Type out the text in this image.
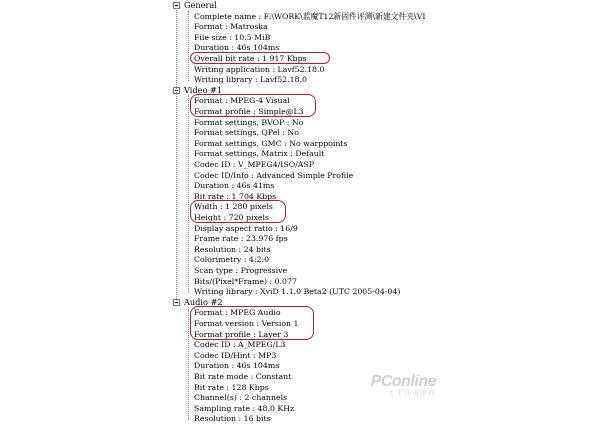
General
Complete name : F:\WORK\蓝魔T12新固件评测\新建文件夹\VI
Format : Matroska
File size : 10.5 MiB
Duration : 46s 104ms
Overall bit rate : 1 917 Kbps
Writing application : Lavf52.18.0
Writing library : Lavf52.18.0
Video #1
Format : MPEG-4 Visual
Format profile : Simple@L3
Format settings, BVOP : No
Format settings, QPel : No
Format settings, GMC : No warppoints
Format settings, Matrix : Default
Codec ID : V_MPEG4/ISO/ASP
Codec ID/Info : Advanced Simple Profile
Duration : 46s 41ms
Bit rate : 1 704 Kbps
Width : 1 280 pixels
Height : 720 pixels
Display aspect ratio : 16/9
Frame rate : 23.976 fps
Resolution : 24 bits
Colorimetry : 4:2:0
Scan type : Progressive
Bits/(Pixel*Frame) : 0.077
Writing library : XviD 1.1.0 Beta2 (UTC 2005-04-04)
Audio #2
Format : MPEG Audio
Format version : Version 1
Format profile : Layer 3
Codec ID : A_MPEG/L3
Codec ID/Hint : MP3
Duration : 46s 104ms
Bit rate mode : Constant
Bit rate : 128 Kbps
Channel(s) : 2 channels
Sampling rate : 48.0 KHz
Resolution : 16 bits
PConline
太平洋电脑网
